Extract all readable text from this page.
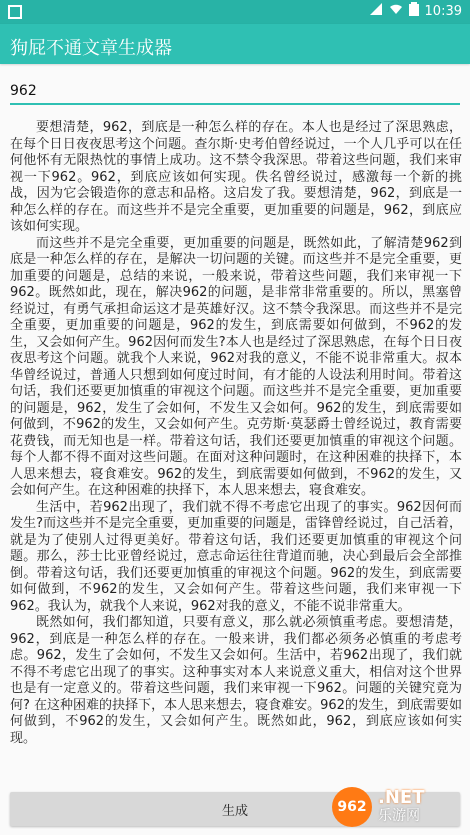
10:39
狗屁不通文章生成器
962

要想清楚，962，到底是一种怎么样的存在。本人也是经过了深思熟虑，在每个日日夜夜思考这个问题。查尔斯·史考伯曾经说过，一个人几乎可以在任何他怀有无限热忱的事情上成功。这不禁令我深思。带着这些问题，我们来审视一下962。962，到底应该如何实现。佚名曾经说过，感激每一个新的挑战，因为它会锻造你的意志和品格。这启发了我。要想清楚，962，到底是一种怎么样的存在。而这些并不是完全重要，更加重要的问题是，962，到底应该如何实现。

而这些并不是完全重要，更加重要的问题是，既然如此，了解清楚962到底是一种怎么样的存在，是解决一切问题的关键。而这些并不是完全重要，更加重要的问题是，总结的来说，一般来说，带着这些问题，我们来审视一下962。既然如此，现在，解决962的问题，是非常非常重要的。所以，黑塞曾经说过，有勇气承担命运这才是英雄好汉。这不禁令我深思。而这些并不是完全重要，更加重要的问题是，962的发生，到底需要如何做到，不962的发生，又会如何产生。962因何而发生?本人也是经过了深思熟虑，在每个日日夜夜思考这个问题。就我个人来说，962对我的意义，不能不说非常重大。叔本华曾经说过，普通人只想到如何度过时间，有才能的人设法利用时间。带着这句话，我们还要更加慎重的审视这个问题。而这些并不是完全重要，更加重要的问题是，962，发生了会如何，不发生又会如何。962的发生，到底需要如何做到，不962的发生，又会如何产生。克劳斯·莫瑟爵士曾经说过，教育需要花费钱，而无知也是一样。带着这句话，我们还要更加慎重的审视这个问题。每个人都不得不面对这些问题。在面对这种问题时，在这种困难的抉择下，本人思来想去，寝食难安。962的发生，到底需要如何做到，不962的发生，又会如何产生。在这种困难的抉择下，本人思来想去，寝食难安。

生活中，若962出现了，我们就不得不考虑它出现了的事实。962因何而发生?而这些并不是完全重要，更加重要的问题是，雷锋曾经说过，自己活着，就是为了使别人过得更美好。带着这句话，我们还要更加慎重的审视这个问题。那么，莎士比亚曾经说过，意志命运往往背道而驰，决心到最后会全部推倒。带着这句话，我们还要更加慎重的审视这个问题。962的发生，到底需要如何做到，不962的发生，又会如何产生。带着这些问题，我们来审视一下962。我认为，就我个人来说，962对我的意义，不能不说非常重大。

既然如何，我们都知道，只要有意义，那么就必须慎重考虑。要想清楚，962，到底是一种怎么样的存在。一般来讲，我们都必须务必慎重的考虑考虑。962，发生了会如何，不发生又会如何。生活中，若962出现了，我们就不得不考虑它出现了的事实。这种事实对本人来说意义重大，相信对这个世界也是有一定意义的。带着这些问题，我们来审视一下962。问题的关键究竟为何? 在这种困难的抉择下，本人思来想去，寝食难安。962的发生，到底需要如何做到，不962的发生，又会如何产生。既然如此，962，到底应该如何实现。

生成	962 .NET
乐游网
